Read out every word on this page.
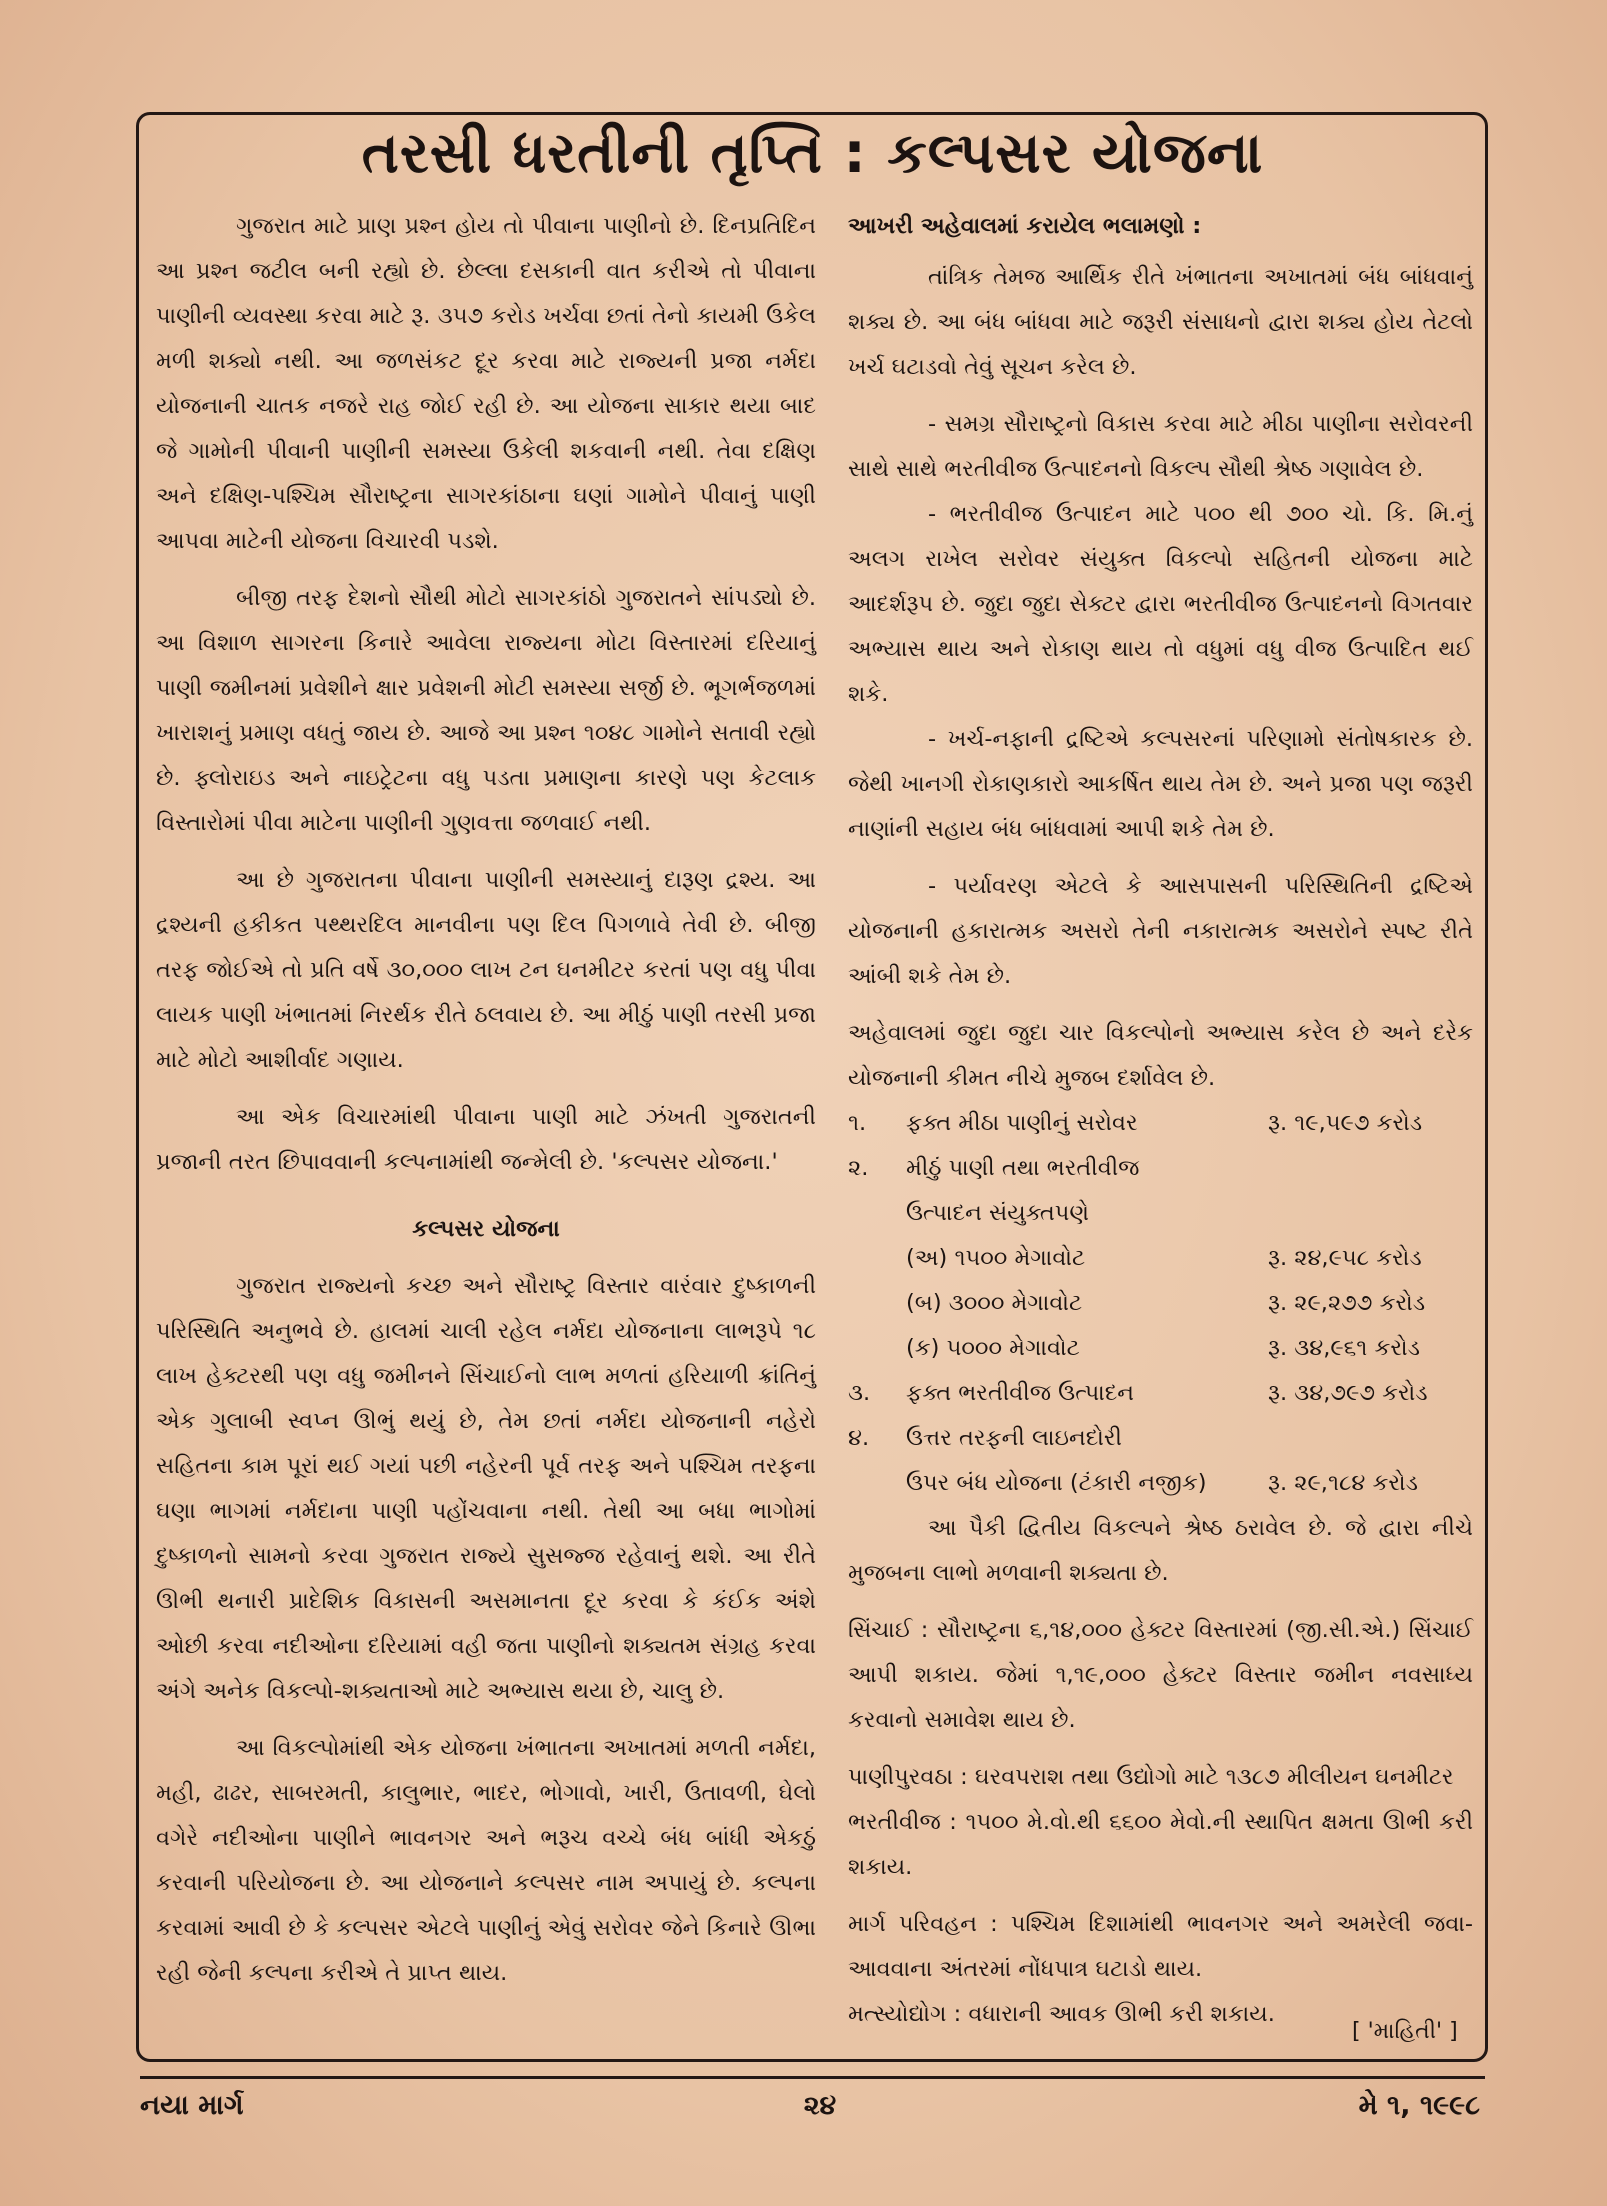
તરસી ધરતીની તૃપ્તિ : કલ્પસર યોજના

ગુજરાત માટે પ્રાણ પ્રશ્ન હોય તો પીવાના પાણીનો છે. દિનપ્રતિદિન આ પ્રશ્ન જટીલ બની રહ્યો છે. છેલ્લા દસકાની વાત કરીએ તો પીવાના પાણીની વ્યવસ્થા કરવા માટે રૂ. ૩૫૭ કરોડ ખર્ચવા છતાં તેનો કાયમી ઉકેલ મળી શક્યો નથી. આ જળસંકટ દૂર કરવા માટે રાજ્યની પ્રજા નર્મદા યોજનાની ચાતક નજરે રાહ જોઈ રહી છે. આ યોજના સાકાર થયા બાદ જે ગામોની પીવાની પાણીની સમસ્યા ઉકેલી શકવાની નથી. તેવા દક્ષિણ અને દક્ષિણ-પશ્ચિમ સૌરાષ્ટ્રના સાગરકાંઠાના ઘણાં ગામોને પીવાનું પાણી આપવા માટેની યોજના વિચારવી પડશે.

બીજી તરફ દેશનો સૌથી મોટો સાગરકાંઠો ગુજરાતને સાંપડ્યો છે. આ વિશાળ સાગરના કિનારે આવેલા રાજ્યના મોટા વિસ્તારમાં દરિયાનું પાણી જમીનમાં પ્રવેશીને ક્ષાર પ્રવેશની મોટી સમસ્યા સર્જી છે. ભૂગર્ભજળમાં ખારાશનું પ્રમાણ વધતું જાય છે. આજે આ પ્રશ્ન ૧૦૪૮ ગામોને સતાવી રહ્યો છે. ફ્લોરાઇડ અને નાઇટ્રેટના વધુ પડતા પ્રમાણના કારણે પણ કેટલાક વિસ્તારોમાં પીવા માટેના પાણીની ગુણવત્તા જળવાઈ નથી.

આ છે ગુજરાતના પીવાના પાણીની સમસ્યાનું દારૂણ દ્રશ્ય. આ દ્રશ્યની હકીકત પથ્થરદિલ માનવીના પણ દિલ પિગળાવે તેવી છે. બીજી તરફ જોઈએ તો પ્રતિ વર્ષે ૩૦,૦૦૦ લાખ ટન ઘનમીટર કરતાં પણ વધુ પીવા લાયક પાણી ખંભાતમાં નિરર્થક રીતે ઠલવાય છે. આ મીઠું પાણી તરસી પ્રજા માટે મોટો આશીર્વાદ ગણાય.

આ એક વિચારમાંથી પીવાના પાણી માટે ઝંખતી ગુજરાતની પ્રજાની તરત છિપાવવાની કલ્પનામાંથી જન્મેલી છે. 'કલ્પસર યોજના.'

કલ્પસર યોજના

ગુજરાત રાજ્યનો કચ્છ અને સૌરાષ્ટ્ર વિસ્તાર વારંવાર દુષ્કાળની પરિસ્થિતિ અનુભવે છે. હાલમાં ચાલી રહેલ નર્મદા યોજનાના લાભરૂપે ૧૮ લાખ હેક્ટરથી પણ વધુ જમીનને સિંચાઈનો લાભ મળતાં હરિયાળી ક્રાંતિનું એક ગુલાબી સ્વપ્ન ઊભું થયું છે, તેમ છતાં નર્મદા યોજનાની નહેરો સહિતના કામ પૂરાં થઈ ગયાં પછી નહેરની પૂર્વ તરફ અને પશ્ચિમ તરફના ઘણા ભાગમાં નર્મદાના પાણી પહોંચવાના નથી. તેથી આ બધા ભાગોમાં દુષ્કાળનો સામનો કરવા ગુજરાત રાજ્યે સુસજ્જ રહેવાનું થશે. આ રીતે ઊભી થનારી પ્રાદેશિક વિકાસની અસમાનતા દૂર કરવા કે કંઈક અંશે ઓછી કરવા નદીઓના દરિયામાં વહી જતા પાણીનો શક્યતમ સંગ્રહ કરવા અંગે અનેક વિકલ્પો-શક્યતાઓ માટે અભ્યાસ થયા છે, ચાલુ છે.

આ વિકલ્પોમાંથી એક યોજના ખંભાતના અખાતમાં મળતી નર્મદા, મહી, ઢાઢર, સાબરમતી, કાલુભાર, ભાદર, ભોગાવો, ખારી, ઉતાવળી, ઘેલો વગેરે નદીઓના પાણીને ભાવનગર અને ભરૂચ વચ્ચે બંધ બાંધી એકઠું કરવાની પરિયોજના છે. આ યોજનાને કલ્પસર નામ અપાયું છે. કલ્પના કરવામાં આવી છે કે કલ્પસર એટલે પાણીનું એવું સરોવર જેને કિનારે ઊભા રહી જેની કલ્પના કરીએ તે પ્રાપ્ત થાય.

આખરી અહેવાલમાં કરાયેલ ભલામણો :

તાંત્રિક તેમજ આર્થિક રીતે ખંભાતના અખાતમાં બંધ બાંધવાનું શક્ય છે. આ બંધ બાંધવા માટે જરૂરી સંસાધનો દ્વારા શક્ય હોય તેટલો ખર્ચ ઘટાડવો તેવું સૂચન કરેલ છે.

- સમગ્ર સૌરાષ્ટ્રનો વિકાસ કરવા માટે મીઠા પાણીના સરોવરની સાથે સાથે ભરતીવીજ ઉત્પાદનનો વિકલ્પ સૌથી શ્રેષ્ઠ ગણાવેલ છે.

- ભરતીવીજ ઉત્પાદન માટે ૫૦૦ થી ૭૦૦ ચો. કિ. મિ.નું અલગ રાખેલ સરોવર સંયુક્ત વિકલ્પો સહિતની યોજના માટે આદર્શરૂપ છે. જુદા જુદા સેક્ટર દ્વારા ભરતીવીજ ઉત્પાદનનો વિગતવાર અભ્યાસ થાય અને રોકાણ થાય તો વધુમાં વધુ વીજ ઉત્પાદિત થઈ શકે.

- ખર્ચ-નફાની દ્રષ્ટિએ કલ્પસરનાં પરિણામો સંતોષકારક છે. જેથી ખાનગી રોકાણકારો આકર્ષિત થાય તેમ છે. અને પ્રજા પણ જરૂરી નાણાંની સહાય બંધ બાંધવામાં આપી શકે તેમ છે.

- પર્યાવરણ એટલે કે આસપાસની પરિસ્થિતિની દ્રષ્ટિએ યોજનાની હકારાત્મક અસરો તેની નકારાત્મક અસરોને સ્પષ્ટ રીતે આંબી શકે તેમ છે.

અહેવાલમાં જુદા જુદા ચાર વિકલ્પોનો અભ્યાસ કરેલ છે અને દરેક યોજનાની કીમત નીચે મુજબ દર્શાવેલ છે.

૧.	ફક્ત મીઠા પાણીનું સરોવર	રૂ. ૧૯,૫૯૭ કરોડ
૨.	મીઠું પાણી તથા ભરતીવીજ
ઉત્પાદન સંયુક્તપણે
(અ) ૧૫૦૦ મેગાવોટ	રૂ. ૨૪,૯૫૮ કરોડ
(બ) ૩૦૦૦ મેગાવોટ	રૂ. ૨૯,૨૭૭ કરોડ
(ક) ૫૦૦૦ મેગાવોટ	રૂ. ૩૪,૯૬૧ કરોડ
૩.	ફક્ત ભરતીવીજ ઉત્પાદન	રૂ. ૩૪,૭૯૭ કરોડ
૪.	ઉત્તર તરફની લાઇનદોરી
ઉપર બંધ યોજના (ટંકારી નજીક)	રૂ. ૨૯,૧૮૪ કરોડ

આ પૈકી દ્વિતીય વિકલ્પને શ્રેષ્ઠ ઠરાવેલ છે. જે દ્વારા નીચે મુજબના લાભો મળવાની શક્યતા છે.

સિંચાઈ : સૌરાષ્ટ્રના ૬,૧૪,૦૦૦ હેક્ટર વિસ્તારમાં (જી.સી.એ.) સિંચાઈ આપી શકાય. જેમાં ૧,૧૯,૦૦૦ હેક્ટર વિસ્તાર જમીન નવસાધ્ય કરવાનો સમાવેશ થાય છે.

પાણીપુરવઠા : ઘરવપરાશ તથા ઉદ્યોગો માટે ૧૩૮૭ મીલીયન ઘનમીટર

ભરતીવીજ : ૧૫૦૦ મે.વો.થી ૬૬૦૦ મેવો.ની સ્થાપિત ક્ષમતા ઊભી કરી શકાય.

માર્ગ પરિવહન : પશ્ચિમ દિશામાંથી ભાવનગર અને અમરેલી જવા-આવવાના અંતરમાં નોંધપાત્ર ઘટાડો થાય.

મત્સ્યોદ્યોગ : વધારાની આવક ઊભી કરી શકાય.

[ 'માહિતી' ]
નયા માર્ગ	૨૪	મે ૧, ૧૯૯૮
